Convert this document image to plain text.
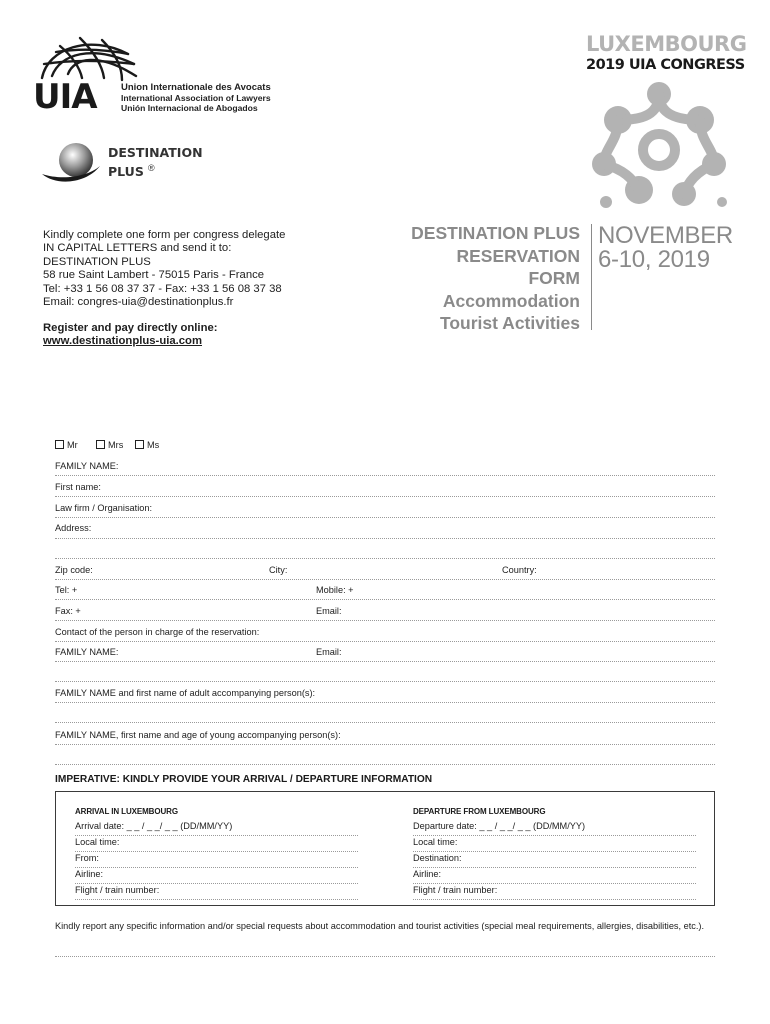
UIA	Union Internationale des Avocats
International Association of Lawyers
Unión Internacional de Abogados
DESTINATION
PLUS ®
LUXEMBOURG
2019 UIA CONGRESS
Kindly complete one form per congress delegate
IN CAPITAL LETTERS and send it to:
DESTINATION PLUS
58 rue Saint Lambert - 75015 Paris - France
Tel: +33 1 56 08 37 37 - Fax: +33 1 56 08 37 38
Email: congres-uia@destinationplus.fr
Register and pay directly online:
www.destinationplus-uia.com
DESTINATION PLUS
RESERVATION
FORM
Accommodation
Tourist Activities
NOVEMBER
6-10, 2019
Mr	Mrs	Ms
FAMILY NAME:
First name:
Law firm / Organisation:
Address:
Zip code:	City:	Country:
Tel: +	Mobile: +
Fax: +	Email:
Contact of the person in charge of the reservation:
FAMILY NAME:	Email:
FAMILY NAME and first name of adult accompanying person(s):
FAMILY NAME, first name and age of young accompanying person(s):
IMPERATIVE: KINDLY PROVIDE YOUR ARRIVAL / DEPARTURE INFORMATION
ARRIVAL IN LUXEMBOURG
Arrival date: _ _ / _ _/ _ _ (DD/MM/YY)
Local time:
From:
Airline:
Flight / train number:
DEPARTURE FROM LUXEMBOURG
Departure date: _ _ / _ _/ _ _ (DD/MM/YY)
Local time:
Destination:
Airline:
Flight / train number:
Kindly report any specific information and/or special requests about accommodation and tourist activities (special meal requirements, allergies, disabilities, etc.).
